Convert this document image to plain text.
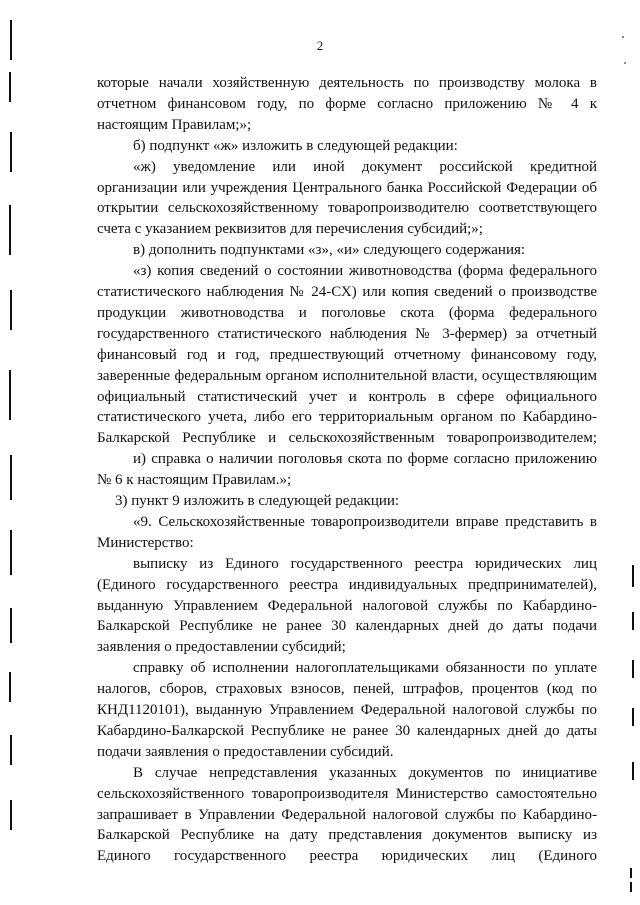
2
которые начали хозяйственную деятельность по производству молока в
отчетном финансовом году, по форме согласно приложению № 4 к
настоящим Правилам;»;
б) подпункт «ж» изложить в следующей редакции:
«ж) уведомление или иной документ российской кредитной
организации или учреждения Центрального банка Российской Федерации об
открытии сельскохозяйственному товаропроизводителю соответствующего
счета с указанием реквизитов для перечисления субсидий;»;
в) дополнить подпунктами «з», «и» следующего содержания:
«з) копия сведений о состоянии животноводства (форма федерального
статистического наблюдения № 24-СХ) или копия сведений о производстве
продукции животноводства и поголовье скота (форма федерального
государственного статистического наблюдения № 3-фермер) за отчетный
финансовый год и год, предшествующий отчетному финансовому году,
заверенные федеральным органом исполнительной власти, осуществляющим
официальный статистический учет и контроль в сфере официального
статистического учета, либо его территориальным органом по Кабардино-
Балкарской Республике и сельскохозяйственным товаропроизводителем;
и) справка о наличии поголовья скота по форме согласно приложению
№ 6 к настоящим Правилам.»;
3) пункт 9 изложить в следующей редакции:
«9. Сельскохозяйственные товаропроизводители вправе представить в
Министерство:
выписку из Единого государственного реестра юридических лиц
(Единого государственного реестра индивидуальных предпринимателей),
выданную Управлением Федеральной налоговой службы по Кабардино-
Балкарской Республике не ранее 30 календарных дней до даты подачи
заявления о предоставлении субсидий;
справку об исполнении налогоплательщиками обязанности по уплате
налогов, сборов, страховых взносов, пеней, штрафов, процентов (код по
КНД1120101), выданную Управлением Федеральной налоговой службы по
Кабардино-Балкарской Республике не ранее 30 календарных дней до даты
подачи заявления о предоставлении субсидий.
В случае непредставления указанных документов по инициативе
сельскохозяйственного товаропроизводителя Министерство самостоятельно
запрашивает в Управлении Федеральной налоговой службы по Кабардино-
Балкарской Республике на дату представления документов выписку из
Единого государственного реестра юридических лиц (Единого
